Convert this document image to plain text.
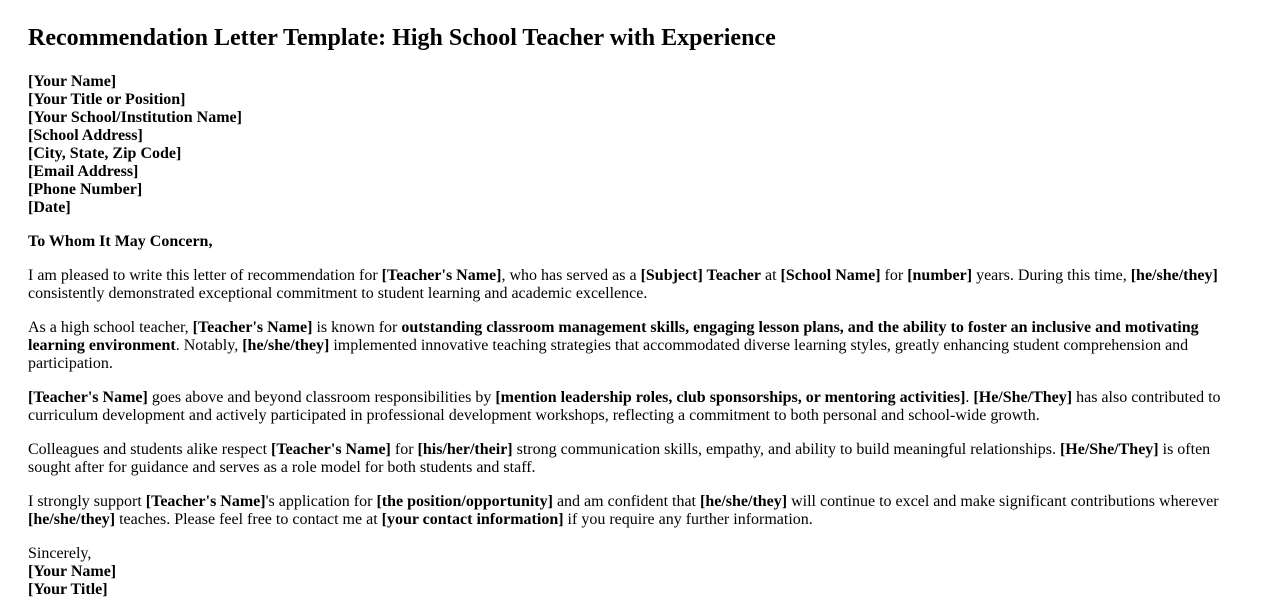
Recommendation Letter Template: High School Teacher with Experience
[Your Name]
[Your Title or Position]
[Your School/Institution Name]
[School Address]
[City, State, Zip Code]
[Email Address]
[Phone Number]
[Date]

To Whom It May Concern,

I am pleased to write this letter of recommendation for [Teacher's Name], who has served as a [Subject] Teacher at [School Name] for [number] years. During this time, [he/she/they] consistently demonstrated exceptional commitment to student learning and academic excellence.

As a high school teacher, [Teacher's Name] is known for outstanding classroom management skills, engaging lesson plans, and the ability to foster an inclusive and motivating learning environment. Notably, [he/she/they] implemented innovative teaching strategies that accommodated diverse learning styles, greatly enhancing student comprehension and participation.

[Teacher's Name] goes above and beyond classroom responsibilities by [mention leadership roles, club sponsorships, or mentoring activities]. [He/She/They] has also contributed to curriculum development and actively participated in professional development workshops, reflecting a commitment to both personal and school-wide growth.

Colleagues and students alike respect [Teacher's Name] for [his/her/their] strong communication skills, empathy, and ability to build meaningful relationships. [He/She/They] is often sought after for guidance and serves as a role model for both students and staff.

I strongly support [Teacher's Name]'s application for [the position/opportunity] and am confident that [he/she/they] will continue to excel and make significant contributions wherever [he/she/they] teaches. Please feel free to contact me at [your contact information] if you require any further information.

Sincerely,
[Your Name]
[Your Title]
